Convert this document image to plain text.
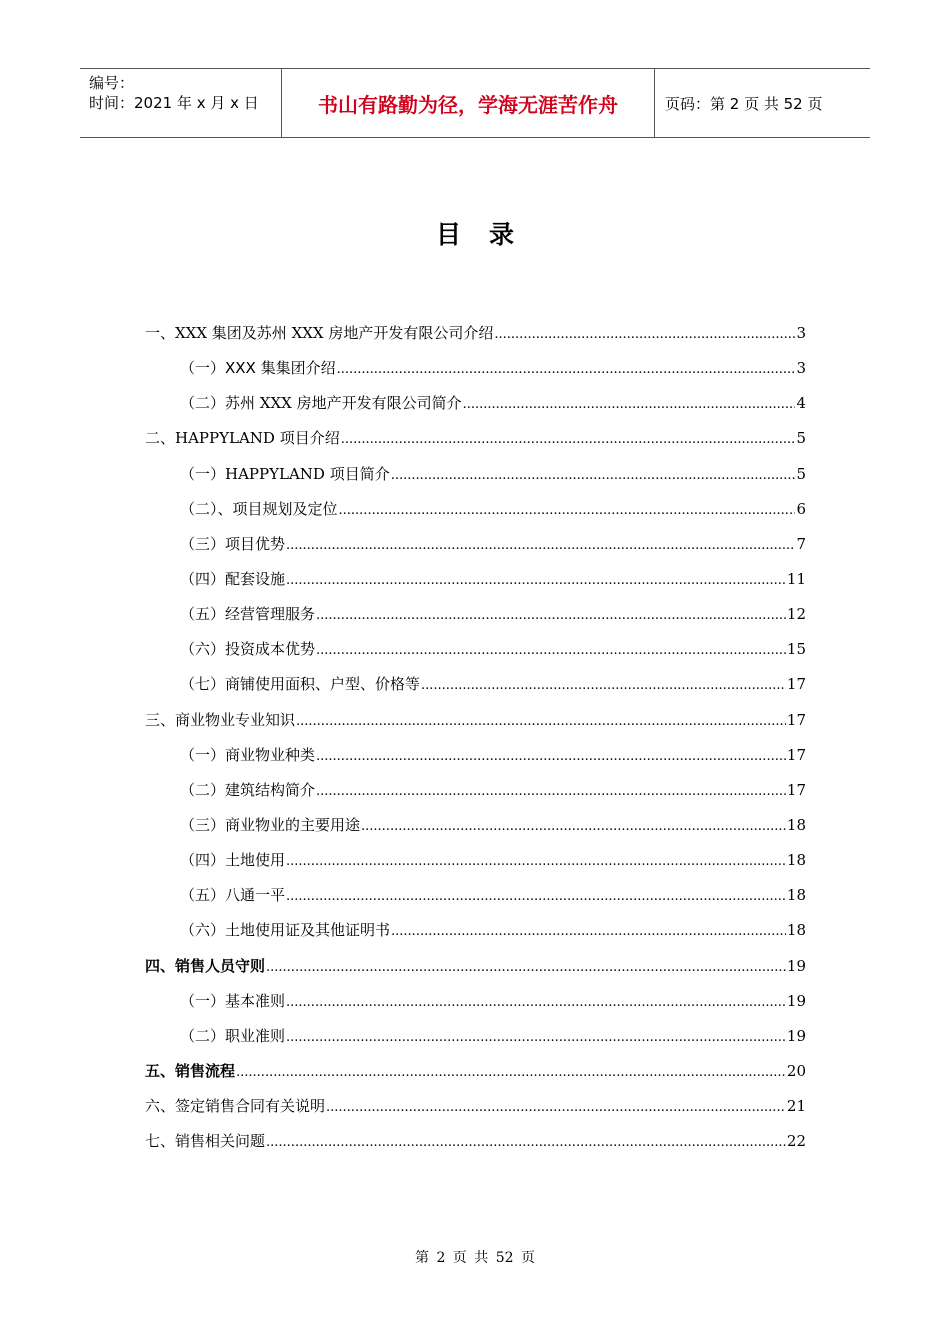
编号：
时间：2021 年 x 月 x 日	书山有路勤为径，学海无涯苦作舟	页码：第 2 页 共 52 页
目录
一、XXX 集团及苏州 XXX 房地产开发有限公司介绍 .....	3
（一）XXX 集集团介绍 .....	3
（二）苏州 XXX 房地产开发有限公司简介 .....	4
二、HAPPYLAND 项目介绍 .....	5
（一）HAPPYLAND 项目简介 .....	5
（二）、项目规划及定位 .....	6
（三）项目优势 .....	7
（四）配套设施 .....	11
（五）经营管理服务 .....	12
（六）投资成本优势 .....	15
（七）商铺使用面积、户型、价格等 .....	17
三、商业物业专业知识 .....	17
（一）商业物业种类 .....	17
（二）建筑结构简介 .....	17
（三）商业物业的主要用途 .....	18
（四）土地使用 .....	18
（五）八通一平 .....	18
（六）土地使用证及其他证明书 .....	18
四、销售人员守则 .....	19
（一）基本准则 .....	19
（二）职业准则 .....	19
五、销售流程 .....	20
六、签定销售合同有关说明 .....	21
七、销售相关问题 .....	22
第 2 页 共 52 页
